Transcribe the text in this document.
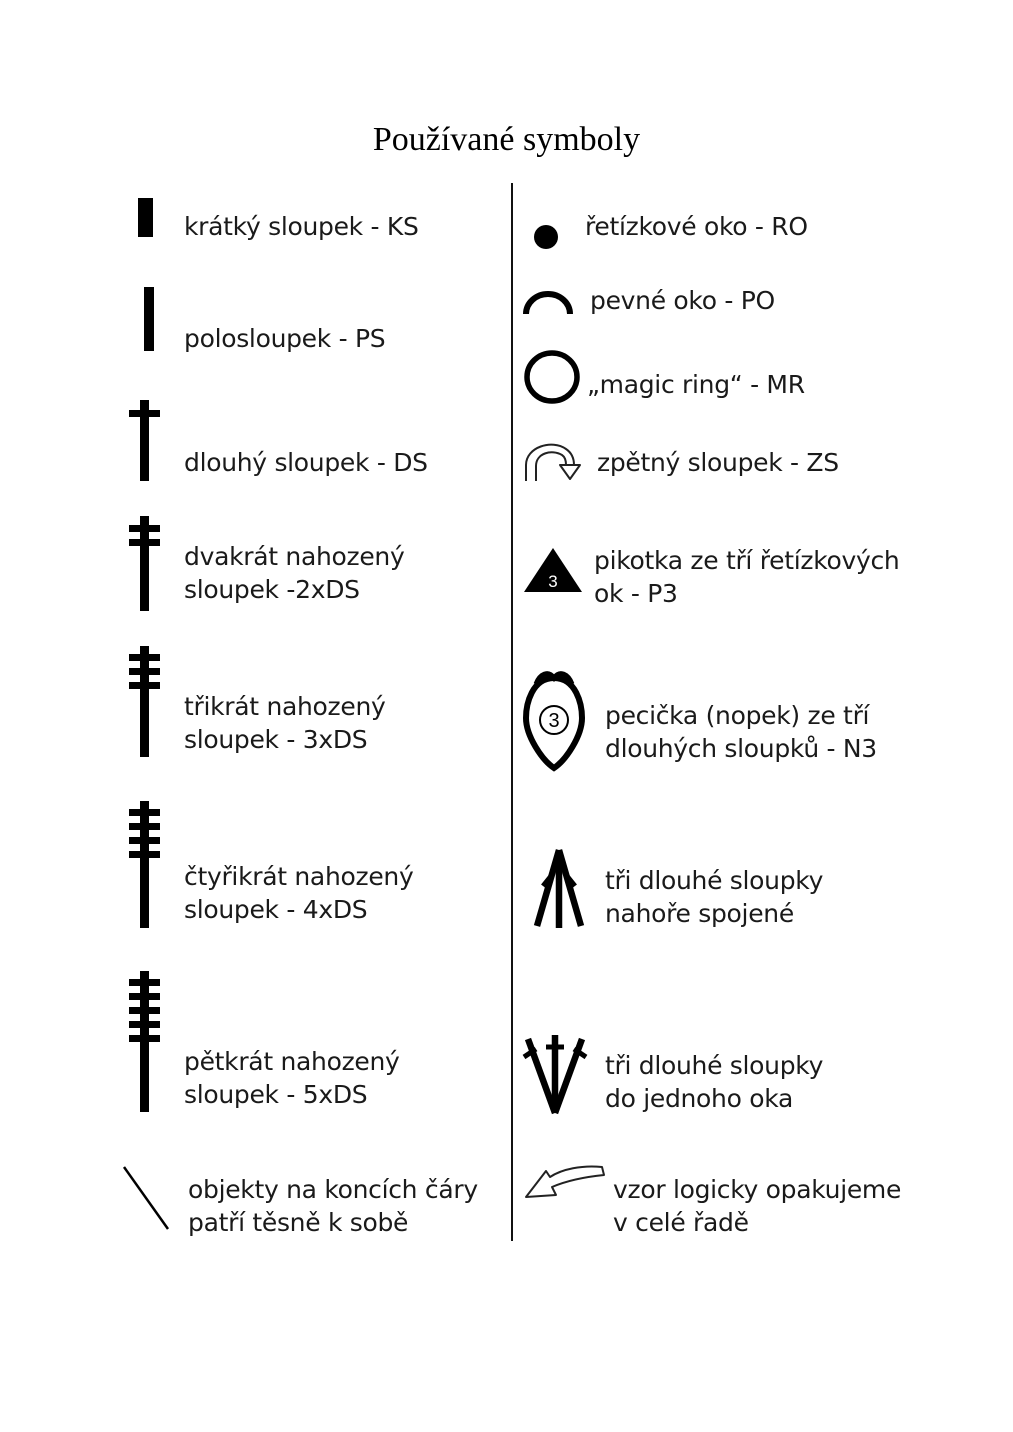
Používané symboly
krátký sloupek - KS
polosloupek - PS
dlouhý sloupek - DS
dvakrát nahozený
sloupek -2xDS
třikrát nahozený
sloupek - 3xDS
čtyřikrát nahozený
sloupek - 4xDS
pětkrát nahozený
sloupek - 5xDS
objekty na koncích čáry
patří těsně k sobě
řetízkové oko - RO
pevné oko - PO
„magic ring“ - MR
zpětný sloupek - ZS
3
pikotka ze tří řetízkových
ok - P3
3 pecička (nopek) ze tří
dlouhých sloupků - N3
tři dlouhé sloupky
nahoře spojené
tři dlouhé sloupky
do jednoho oka
vzor logicky opakujeme
v celé řadě
